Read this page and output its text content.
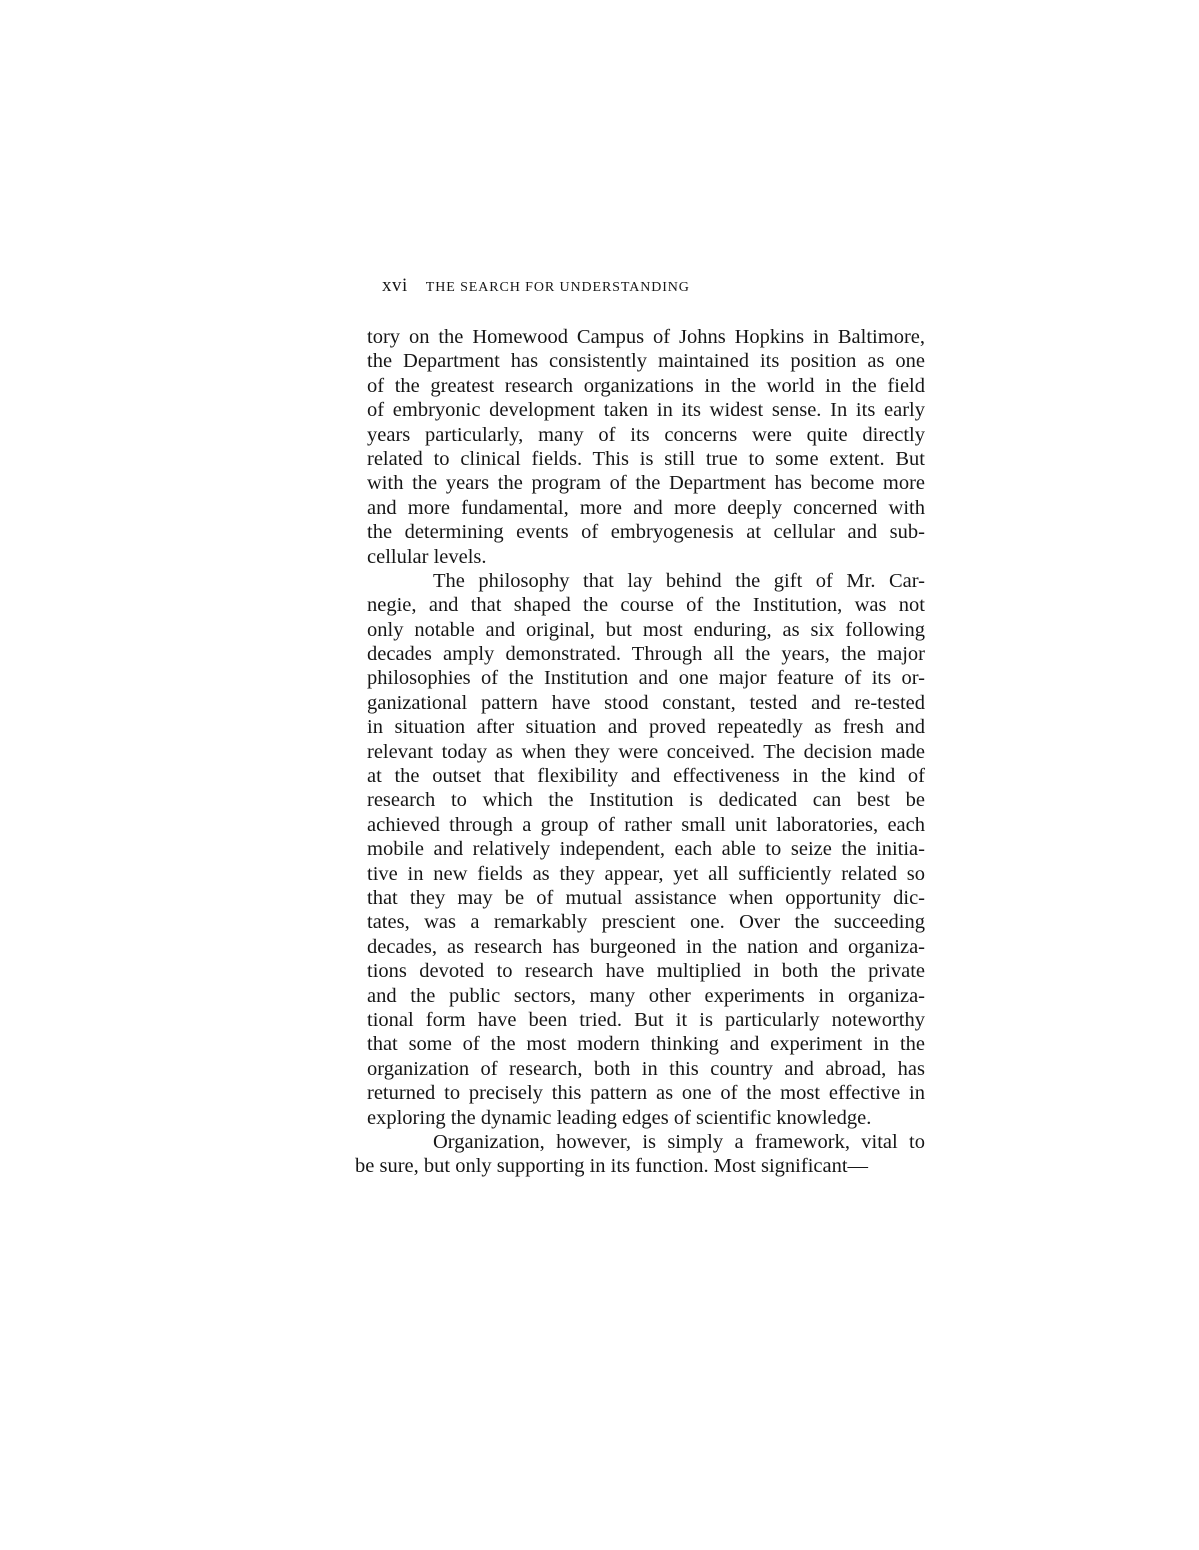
xvi THE SEARCH FOR UNDERSTANDING
tory on the Homewood Campus of Johns Hopkins in Baltimore,
the Department has consistently maintained its position as one
of the greatest research organizations in the world in the field
of embryonic development taken in its widest sense. In its early
years particularly, many of its concerns were quite directly
related to clinical fields. This is still true to some extent. But
with the years the program of the Department has become more
and more fundamental, more and more deeply concerned with
the determining events of embryogenesis at cellular and sub-
cellular levels.
The philosophy that lay behind the gift of Mr. Car-
negie, and that shaped the course of the Institution, was not
only notable and original, but most enduring, as six following
decades amply demonstrated. Through all the years, the major
philosophies of the Institution and one major feature of its or-
ganizational pattern have stood constant, tested and re-tested
in situation after situation and proved repeatedly as fresh and
relevant today as when they were conceived. The decision made
at the outset that flexibility and effectiveness in the kind of
research to which the Institution is dedicated can best be
achieved through a group of rather small unit laboratories, each
mobile and relatively independent, each able to seize the initia-
tive in new fields as they appear, yet all sufficiently related so
that they may be of mutual assistance when opportunity dic-
tates, was a remarkably prescient one. Over the succeeding
decades, as research has burgeoned in the nation and organiza-
tions devoted to research have multiplied in both the private
and the public sectors, many other experiments in organiza-
tional form have been tried. But it is particularly noteworthy
that some of the most modern thinking and experiment in the
organization of research, both in this country and abroad, has
returned to precisely this pattern as one of the most effective in
exploring the dynamic leading edges of scientific knowledge.
Organization, however, is simply a framework, vital to
be sure, but only supporting in its function. Most significant—
